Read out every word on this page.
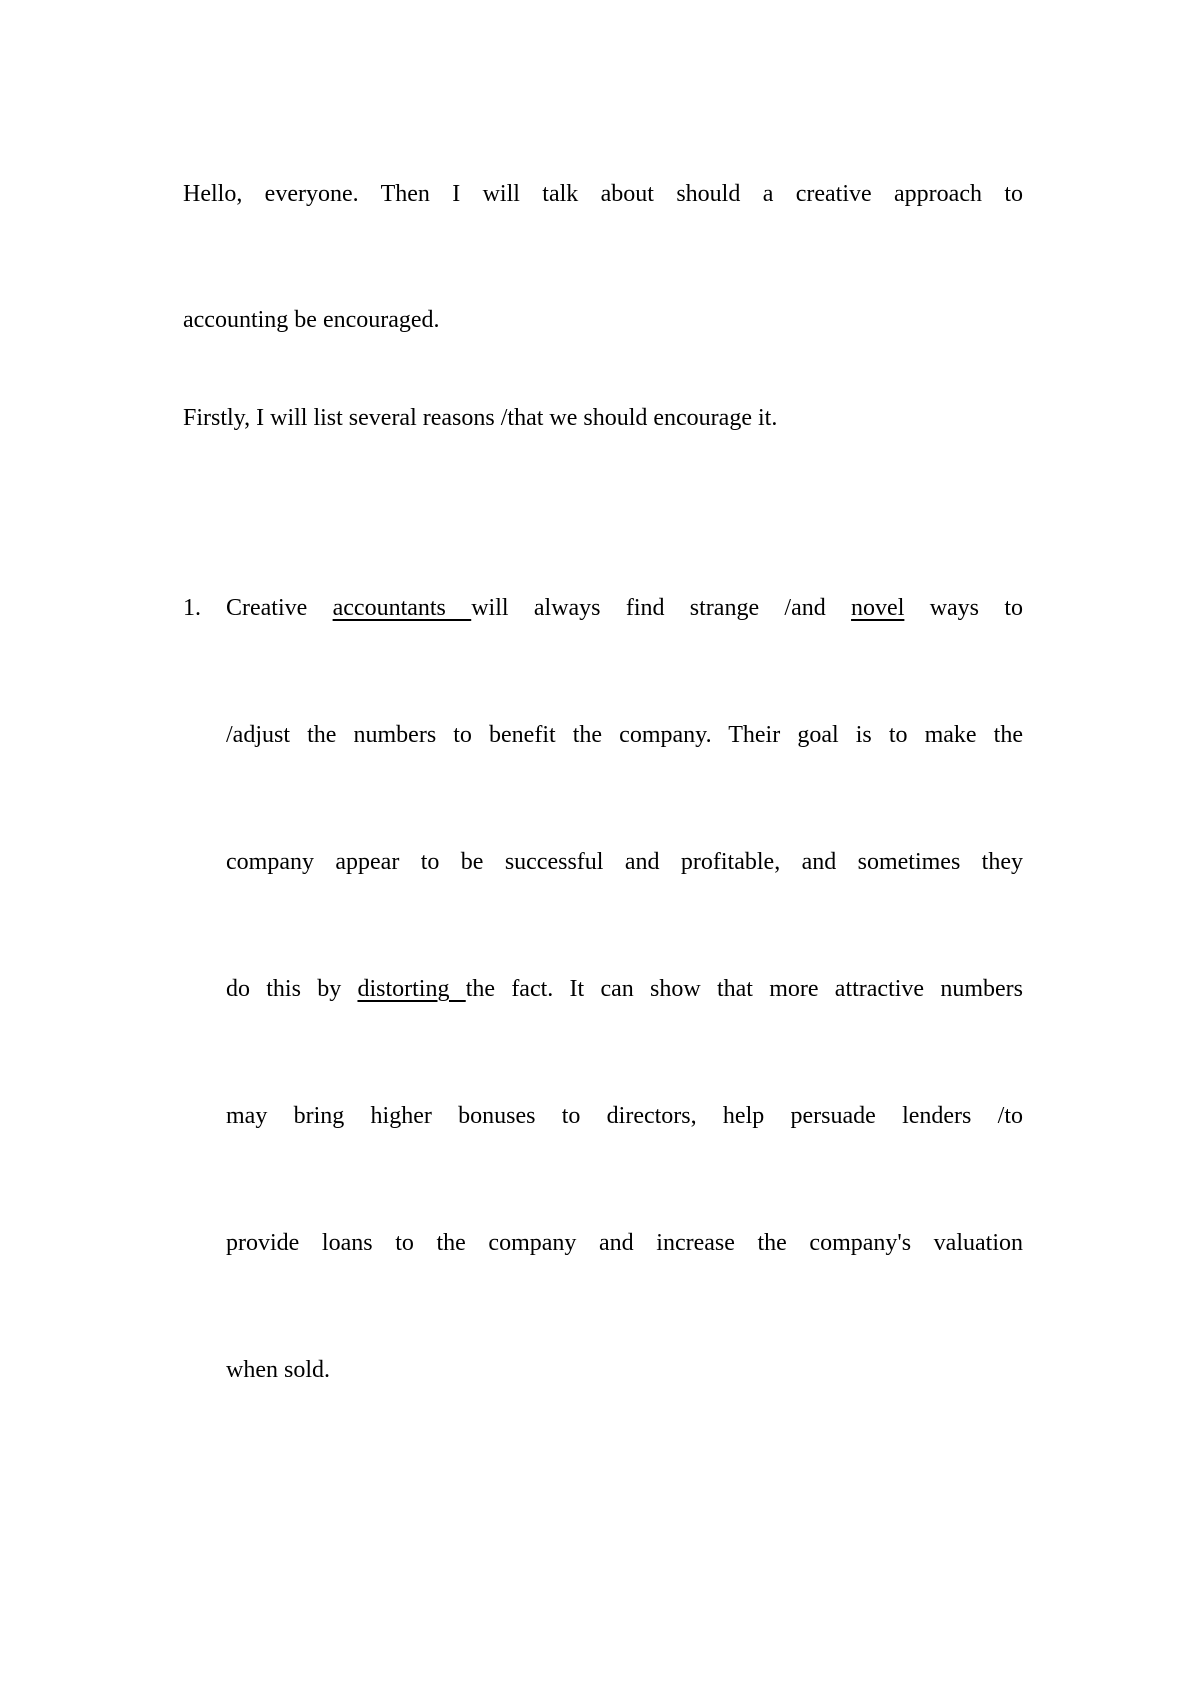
Hello, everyone. Then I will talk about should a creative approach to
accounting be encouraged.
Firstly, I will list several reasons /that we should encourage it.
1. Creative accountants will always find strange /and novel ways to
/adjust the numbers to benefit the company. Their goal is to make the
company appear to be successful and profitable, and sometimes they
do this by distorting the fact. It can show that more attractive numbers
may bring higher bonuses to directors, help persuade lenders /to
provide loans to the company and increase the company's valuation
when sold.
